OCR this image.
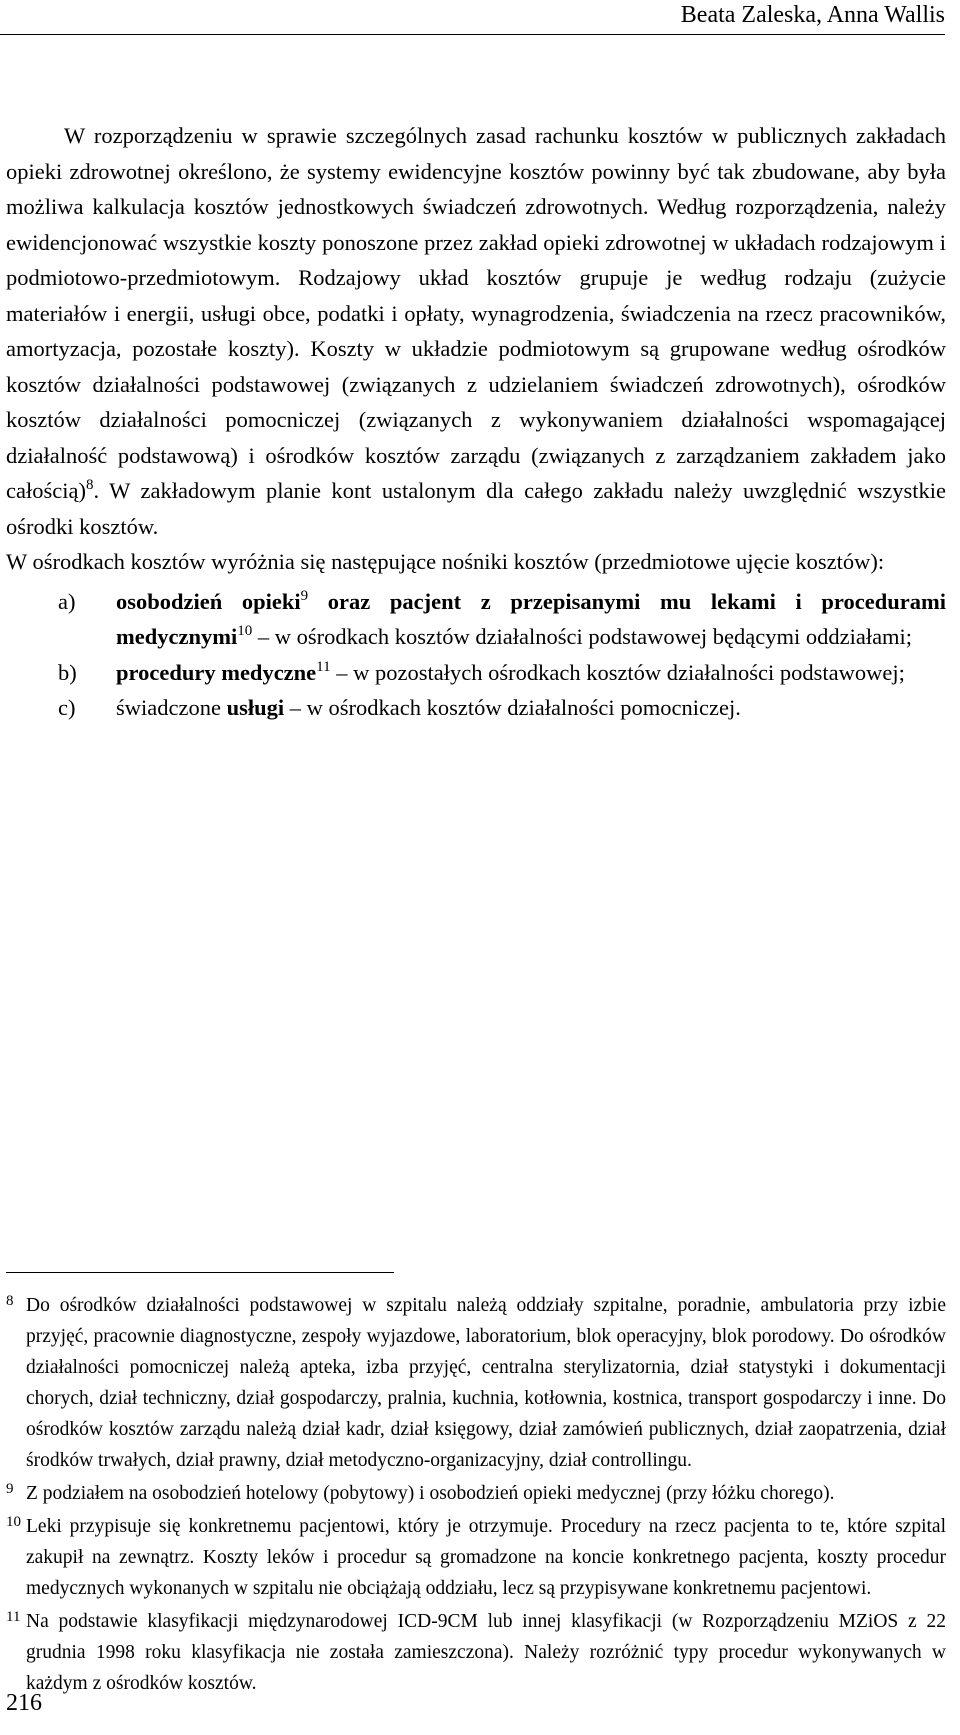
Beata Zaleska, Anna Wallis

W rozporządzeniu w sprawie szczególnych zasad rachunku kosztów w publicznych zakładach opieki zdrowotnej określono, że systemy ewidencyjne kosztów powinny być tak zbudowane, aby była możliwa kalkulacja kosztów jednostkowych świadczeń zdrowotnych. Według rozporządzenia, należy ewidencjonować wszystkie koszty ponoszone przez zakład opieki zdrowotnej w układach rodzajowym i podmiotowo-przedmiotowym. Rodzajowy układ kosztów grupuje je według rodzaju (zużycie materiałów i energii, usługi obce, podatki i opłaty, wynagrodzenia, świadczenia na rzecz pracowników, amortyzacja, pozostałe koszty). Koszty w układzie podmiotowym są grupowane według ośrodków kosztów działalności podstawowej (związanych z udzielaniem świadczeń zdrowotnych), ośrodków kosztów działalności pomocniczej (związanych z wykonywaniem działalności wspomagającej działalność podstawową) i ośrodków kosztów zarządu (związanych z zarządzaniem zakładem jako całością)$^8$. W zakładowym planie kont ustalonym dla całego zakładu należy uwzględnić wszystkie ośrodki kosztów.

W ośrodkach kosztów wyróżnia się następujące nośniki kosztów (przedmiotowe ujęcie kosztów):

a) osobodzień opieki$^9$ oraz pacjent z przepisanymi mu lekami i procedurami medycznymi$^{10}$ – w ośrodkach kosztów działalności podstawowej będącymi oddziałami;
b) procedury medyczne$^{11}$ – w pozostałych ośrodkach kosztów działalności podstawowej;
c) świadczone usługi – w ośrodkach kosztów działalności pomocniczej.
8 Do ośrodków działalności podstawowej w szpitalu należą oddziały szpitalne, poradnie, ambulatoria przy izbie przyjęć, pracownie diagnostyczne, zespoły wyjazdowe, laboratorium, blok operacyjny, blok porodowy. Do ośrodków działalności pomocniczej należą apteka, izba przyjęć, centralna sterylizatornia, dział statystyki i dokumentacji chorych, dział techniczny, dział gospodarczy, pralnia, kuchnia, kotłownia, kostnica, transport gospodarczy i inne. Do ośrodków kosztów zarządu należą dział kadr, dział księgowy, dział zamówień publicznych, dział zaopatrzenia, dział środków trwałych, dział prawny, dział metodyczno-organizacyjny, dział controllingu.
9 Z podziałem na osobodzień hotelowy (pobytowy) i osobodzień opieki medycznej (przy łóżku chorego).
10 Leki przypisuje się konkretnemu pacjentowi, który je otrzymuje. Procedury na rzecz pacjenta to te, które szpital zakupił na zewnątrz. Koszty leków i procedur są gromadzone na koncie konkretnego pacjenta, koszty procedur medycznych wykonanych w szpitalu nie obciążają oddziału, lecz są przypisywane konkretnemu pacjentowi.
11 Na podstawie klasyfikacji międzynarodowej ICD-9CM lub innej klasyfikacji (w Rozporządzeniu MZiOS z 22 grudnia 1998 roku klasyfikacja nie została zamieszczona). Należy rozróżnić typy procedur wykonywanych w każdym z ośrodków kosztów.
216
